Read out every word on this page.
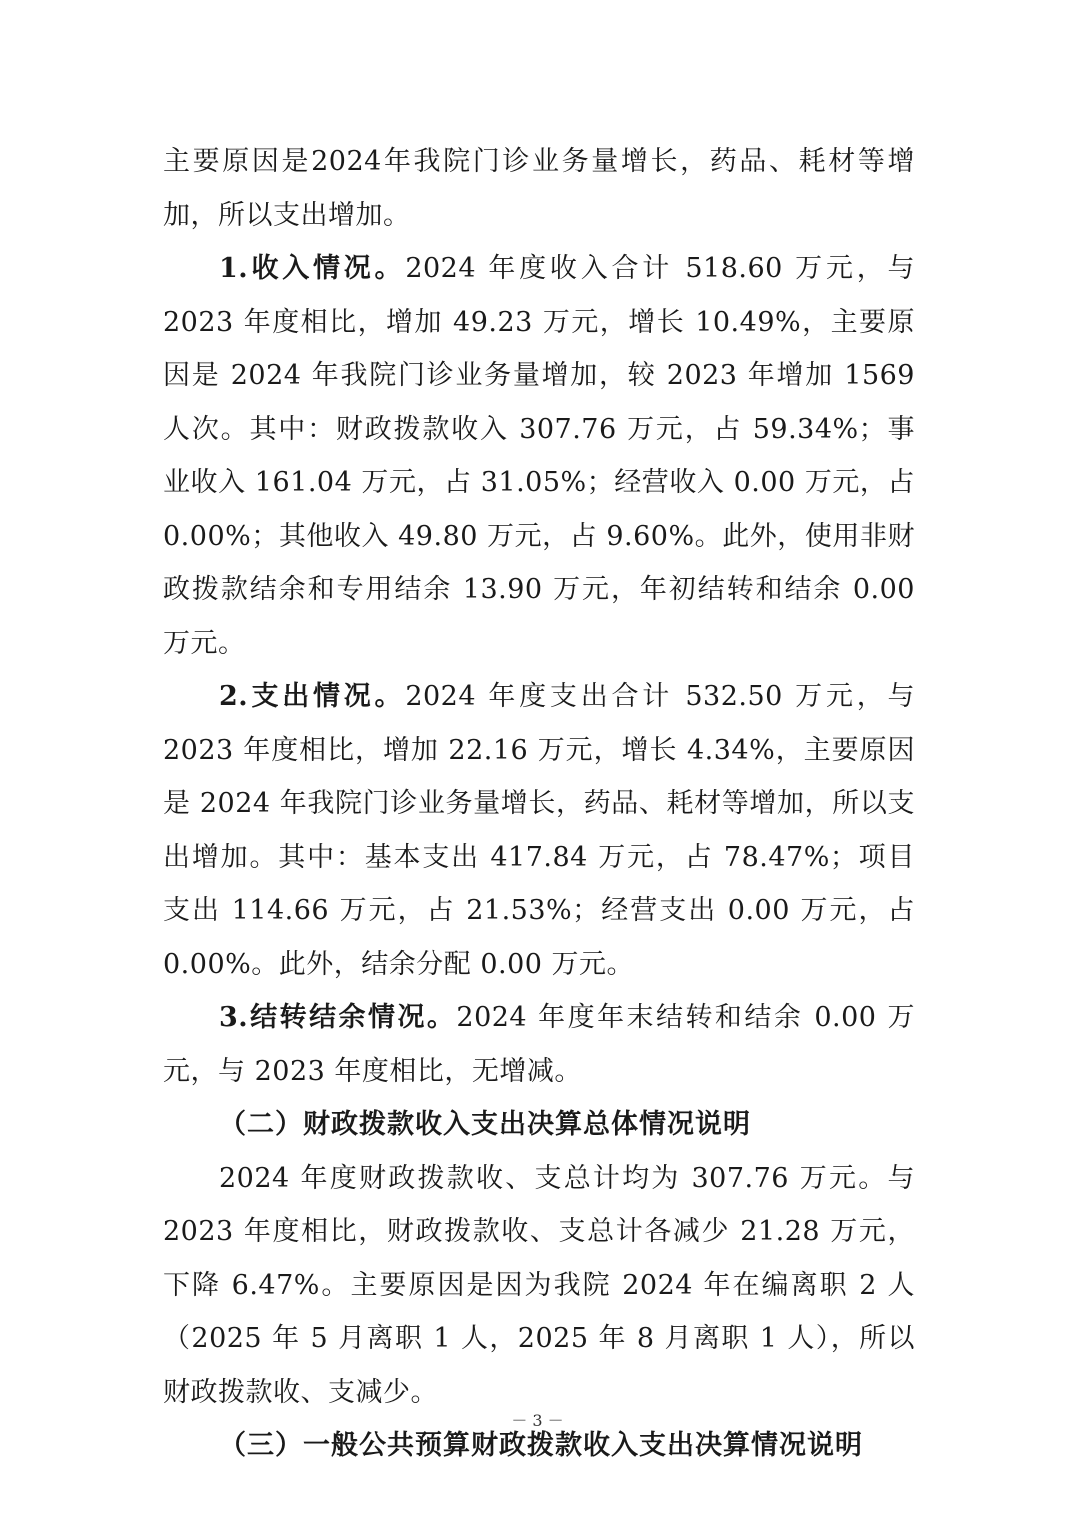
主要原因是2024年我院门诊业务量增长，药品、耗材等增加，所以支出增加。

1.收入情况。2024 年度收入合计 518.60 万元，与 2023 年度相比，增加 49.23 万元，增长 10.49%，主要原因是 2024 年我院门诊业务量增加，较 2023 年增加 1569 人次。其中：财政拨款收入 307.76 万元，占 59.34%；事业收入 161.04 万元，占 31.05%；经营收入 0.00 万元，占 0.00%；其他收入 49.80 万元，占 9.60%。此外，使用非财政拨款结余和专用结余 13.90 万元，年初结转和结余 0.00 万元。

2.支出情况。2024 年度支出合计 532.50 万元，与 2023 年度相比，增加 22.16 万元，增长 4.34%，主要原因是 2024 年我院门诊业务量增长，药品、耗材等增加，所以支出增加。其中：基本支出 417.84 万元，占 78.47%；项目支出 114.66 万元，占 21.53%；经营支出 0.00 万元，占 0.00%。此外，结余分配 0.00 万元。

3.结转结余情况。2024 年度年末结转和结余 0.00 万元，与 2023 年度相比，无增减。

（二）财政拨款收入支出决算总体情况说明

2024 年度财政拨款收、支总计均为 307.76 万元。与 2023 年度相比，财政拨款收、支总计各减少 21.28 万元，下降 6.47%。主要原因是因为我院 2024 年在编离职 2 人（2025 年 5 月离职 1 人，2025 年 8 月离职 1 人），所以财政拨款收、支减少。

（三）一般公共预算财政拨款收入支出决算情况说明
－ 3 －
